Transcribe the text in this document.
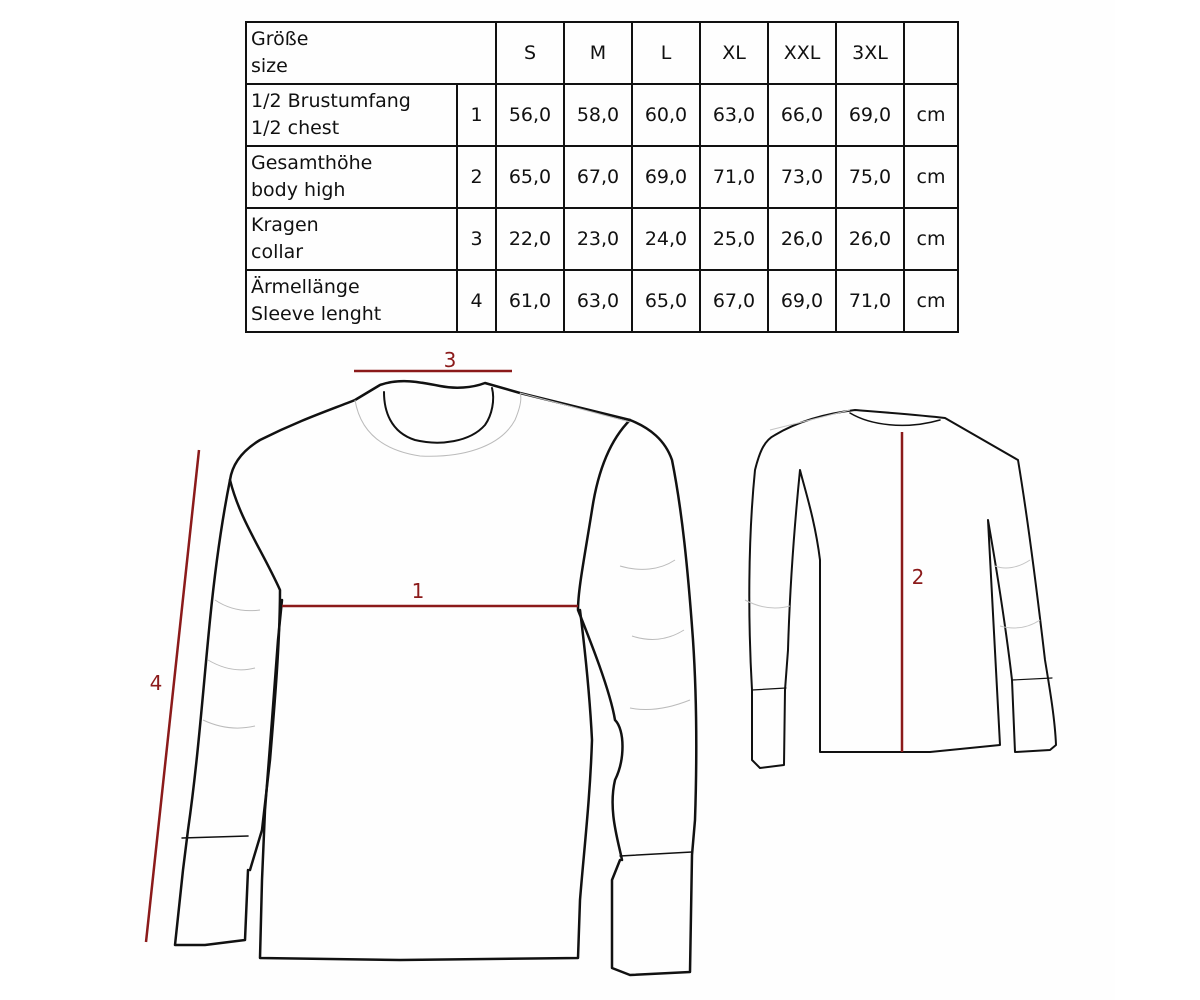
Größe
size		S	M	L	XL	XXL	3XL	

1/2 Brustumfang
1/2 chest	1	56,0	58,0	60,0	63,0	66,0	69,0	cm

Gesamthöhe
body high	2	65,0	67,0	69,0	71,0	73,0	75,0	cm

Kragen
collar	3	22,0	23,0	24,0	25,0	26,0	26,0	cm

Ärmellänge
Sleeve lenght	4	61,0	63,0	65,0	67,0	69,0	71,0	cm
3
1
2
4
